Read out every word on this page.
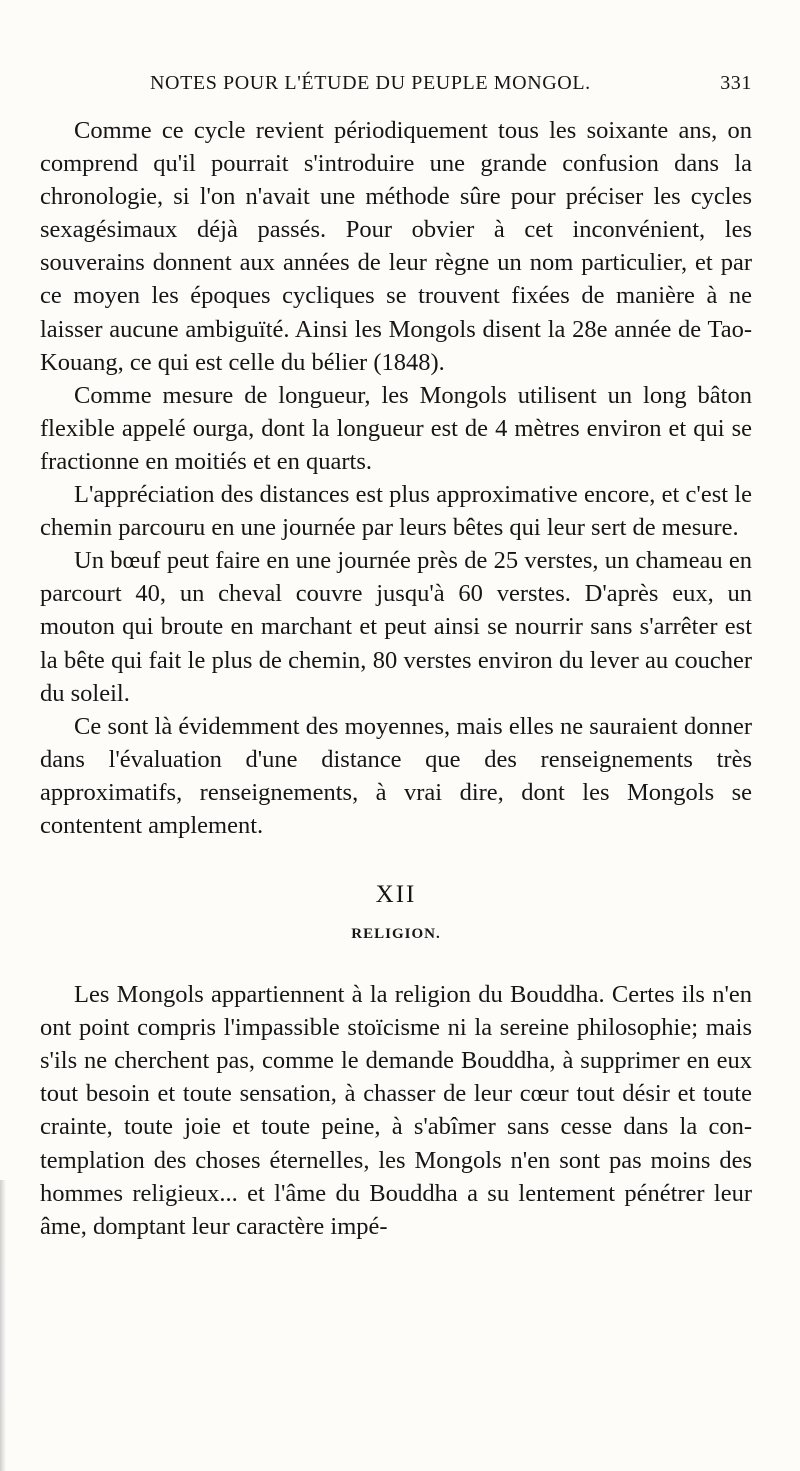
NOTES POUR L'ÉTUDE DU PEUPLE MONGOL.	331

Comme ce cycle revient périodiquement tous les soixante ans, on comprend qu'il pourrait s'introduire une grande confusion dans la chronologie, si l'on n'avait une méthode sûre pour préciser les cycles sexagésimaux déjà passés. Pour obvier à cet inconvénient, les souverains donnent aux années de leur règne un nom particulier, et par ce moyen les époques cycliques se trouvent fixées de manière à ne laisser aucune ambiguïté. Ainsi les Mongols disent la 28e année de Tao-Kouang, ce qui est celle du bélier (1848).

Comme mesure de longueur, les Mongols utilisent un long bâton flexible appelé ourga, dont la longueur est de 4 mètres environ et qui se fractionne en moitiés et en quarts.

L'appréciation des distances est plus approximative encore, et c'est le chemin parcouru en une journée par leurs bêtes qui leur sert de mesure.

Un bœuf peut faire en une journée près de 25 verstes, un chameau en parcourt 40, un cheval couvre jusqu'à 60 verstes. D'après eux, un mouton qui broute en marchant et peut ainsi se nourrir sans s'arrêter est la bête qui fait le plus de chemin, 80 verstes environ du lever au coucher du soleil.

Ce sont là évidemment des moyennes, mais elles ne sauraient donner dans l'évaluation d'une distance que des renseignements très approximatifs, renseignements, à vrai dire, dont les Mongols se contentent amplement.

XII

RELIGION.

Les Mongols appartiennent à la religion du Bouddha. Certes ils n'en ont point compris l'impassible stoïcisme ni la sereine philosophie; mais s'ils ne cherchent pas, comme le demande Bouddha, à supprimer en eux tout besoin et toute sensation, à chasser de leur cœur tout désir et toute crainte, toute joie et toute peine, à s'abîmer sans cesse dans la contemplation des choses éternelles, les Mongols n'en sont pas moins des hommes religieux... et l'âme du Bouddha a su lentement pénétrer leur âme, domptant leur caractère impé-
